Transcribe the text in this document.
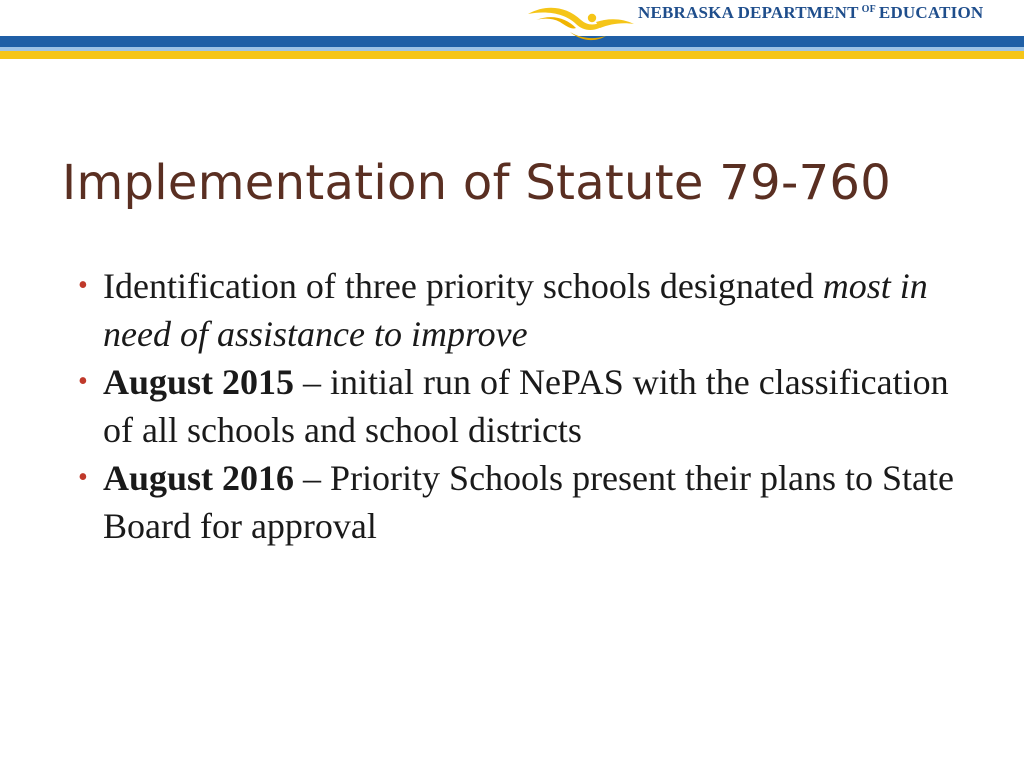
NEBRASKA DEPARTMENT $^{OF}$ EDUCATION
Implementation of Statute 79-760
• Identification of three priority schools designated most in need of assistance to improve
• August 2015 – initial run of NePAS with the classification of all schools and school districts
• August 2016 – Priority Schools present their plans to State Board for approval
